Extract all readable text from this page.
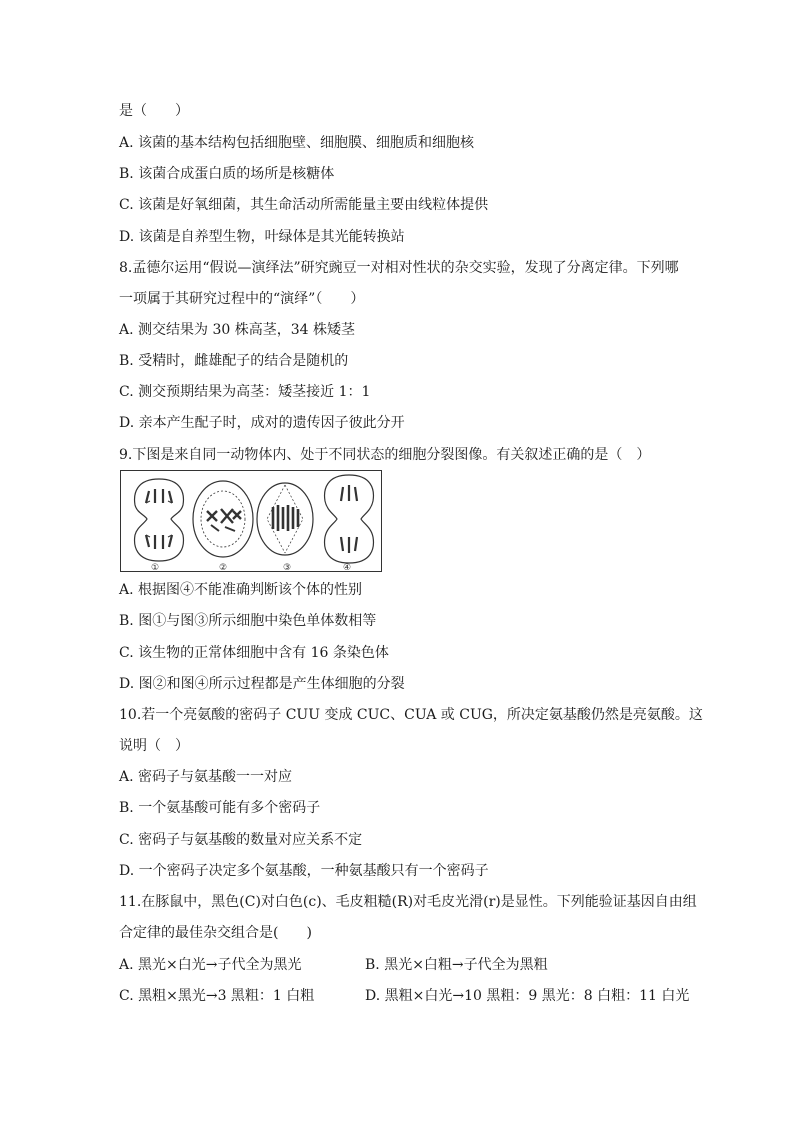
是（　　）
A. 该菌的基本结构包括细胞壁、细胞膜、细胞质和细胞核
B. 该菌合成蛋白质的场所是核糖体
C. 该菌是好氧细菌，其生命活动所需能量主要由线粒体提供
D. 该菌是自养型生物，叶绿体是其光能转换站
8.孟德尔运用“假说—演绎法”研究豌豆一对相对性状的杂交实验，发现了分离定律。下列哪
一项属于其研究过程中的“演绎”（　　）
A. 测交结果为 30 株高茎，34 株矮茎
B. 受精时，雌雄配子的结合是随机的
C. 测交预期结果为高茎：矮茎接近 1：1
D. 亲本产生配子时，成对的遗传因子彼此分开
9.下图是来自同一动物体内、处于不同状态的细胞分裂图像。有关叙述正确的是（　）
①	②	③	④
A. 根据图④不能准确判断该个体的性别
B. 图①与图③所示细胞中染色单体数相等
C. 该生物的正常体细胞中含有 16 条染色体
D. 图②和图④所示过程都是产生体细胞的分裂
10.若一个亮氨酸的密码子 CUU 变成 CUC、CUA 或 CUG，所决定氨基酸仍然是亮氨酸。这
说明（　）
A. 密码子与氨基酸一一对应
B. 一个氨基酸可能有多个密码子
C. 密码子与氨基酸的数量对应关系不定
D. 一个密码子决定多个氨基酸，一种氨基酸只有一个密码子
11.在豚鼠中，黑色(C)对白色(c)、毛皮粗糙(R)对毛皮光滑(r)是显性。下列能验证基因自由组
合定律的最佳杂交组合是(　　)
A. 黑光×白光→子代全为黑光	B. 黑光×白粗→子代全为黑粗
C. 黑粗×黑光→3 黑粗：1 白粗	D. 黑粗×白光→10 黑粗：9 黑光：8 白粗：11 白光
